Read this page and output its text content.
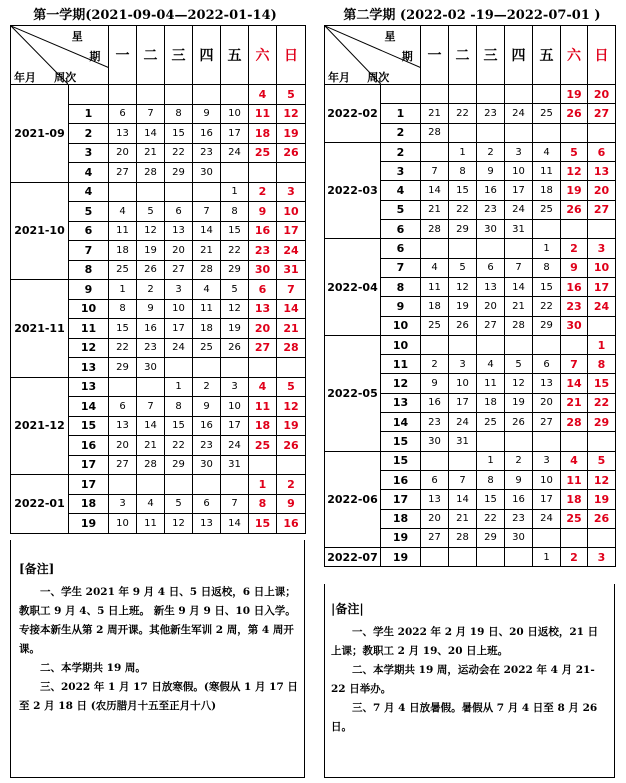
第一学期(2021-09-04—2022-01-14)	第二学期 (2022-02 -19—2022-07-01 )
星
期
年月 周次		一	二	三	四	五	六	日
2021-09							4	5
	1	6	7	8	9	10	11	12
	2	13	14	15	16	17	18	19
	3	20	21	22	23	24	25	26
	4	27	28	29	30			
2021-10	4					1	2	3
	5	4	5	6	7	8	9	10
	6	11	12	13	14	15	16	17
	7	18	19	20	21	22	23	24
	8	25	26	27	28	29	30	31
2021-11	9	1	2	3	4	5	6	7
	10	8	9	10	11	12	13	14
	11	15	16	17	18	19	20	21
	12	22	23	24	25	26	27	28
	13	29	30					
2021-12	13			1	2	3	4	5
	14	6	7	8	9	10	11	12
	15	13	14	15	16	17	18	19
	16	20	21	22	23	24	25	26
	17	27	28	29	30	31		
2022-01	17						1	2
	18	3	4	5	6	7	8	9
	19	10	11	12	13	14	15	16
星
期
年月 周次		一	二	三	四	五	六	日
2022-02							19	20
	1	21	22	23	24	25	26	27
	2	28						
2022-03	2		1	2	3	4	5	6
	3	7	8	9	10	11	12	13
	4	14	15	16	17	18	19	20
	5	21	22	23	24	25	26	27
	6	28	29	30	31			
2022-04	6					1	2	3
	7	4	5	6	7	8	9	10
	8	11	12	13	14	15	16	17
	9	18	19	20	21	22	23	24
	10	25	26	27	28	29	30	
2022-05	10							1
	11	2	3	4	5	6	7	8
	12	9	10	11	12	13	14	15
	13	16	17	18	19	20	21	22
	14	23	24	25	26	27	28	29
	15	30	31					
2022-06	15			1	2	3	4	5
	16	6	7	8	9	10	11	12
	17	13	14	15	16	17	18	19
	18	20	21	22	23	24	25	26
	19	27	28	29	30			
2022-07	19					1	2	3
[备注]

一、学生 2021 年 9 月 4 日、5 日返校，6 日上课；教职工 9 月 4、5 日上班。 新生 9 月 9 日、10 日入学。专接本新生从第 2 周开课。其他新生军训 2 周，第 4 周开课。

二、本学期共 19 周。

三、2022 年 1 月 17 日放寒假。(寒假从 1 月 17 日至 2 月 18 日 (农历腊月十五至正月十八)

|备注|

一、学生 2022 年 2 月 19 日、20 日返校，21 日上课；教职工 2 月 19、20 日上班。

二、本学期共 19 周，运动会在 2022 年 4 月 21-22 日举办。

三、7 月 4 日放暑假。暑假从 7 月 4 日至 8 月 26 日。
